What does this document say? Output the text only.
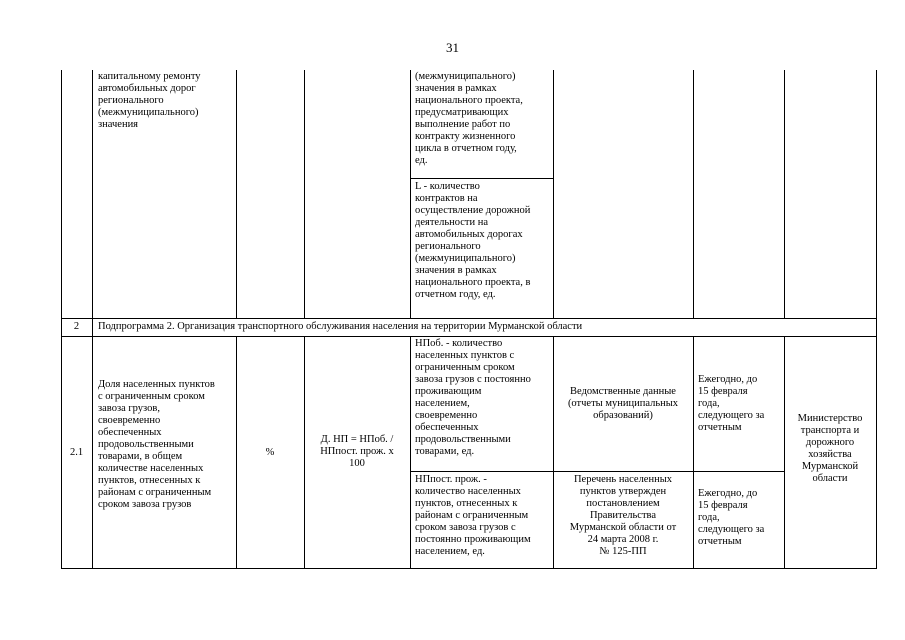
31
капитальному ремонту
автомобильных дорог
регионального
(межмуниципального)
значения
(межмуниципального)
значения в рамках
национального проекта,
предусматривающих
выполнение работ по
контракту жизненного
цикла в отчетном году,
ед.
L - количество
контрактов на
осуществление дорожной
деятельности на
автомобильных дорогах
регионального
(межмуниципального)
значения в рамках
национального проекта, в
отчетном году, ед.
2	Подпрограмма 2. Организация транспортного обслуживания населения на территории Мурманской области
2.1
Доля населенных пунктов
с ограниченным сроком
завоза грузов,
своевременно
обеспеченных
продовольственными
товарами, в общем
количестве населенных
пунктов, отнесенных к
районам с ограниченным
сроком завоза грузов
%
Д. НП = НПоб. /
НПпост. прож. х
100
НПоб. - количество
населенных пунктов с
ограниченным сроком
завоза грузов с постоянно
проживающим
населением,
своевременно
обеспеченных
продовольственными
товарами, ед.
НПпост. прож. -
количество населенных
пунктов, отнесенных к
районам с ограниченным
сроком завоза грузов с
постоянно проживающим
населением, ед.
Ведомственные данные
(отчеты муниципальных
образований)
Перечень населенных
пунктов утвержден
постановлением
Правительства
Мурманской области от
24 марта 2008 г.
№ 125-ПП
Ежегодно, до
15 февраля
года,
следующего за
отчетным
Ежегодно, до
15 февраля
года,
следующего за
отчетным
Министерство
транспорта и
дорожного
хозяйства
Мурманской
области
